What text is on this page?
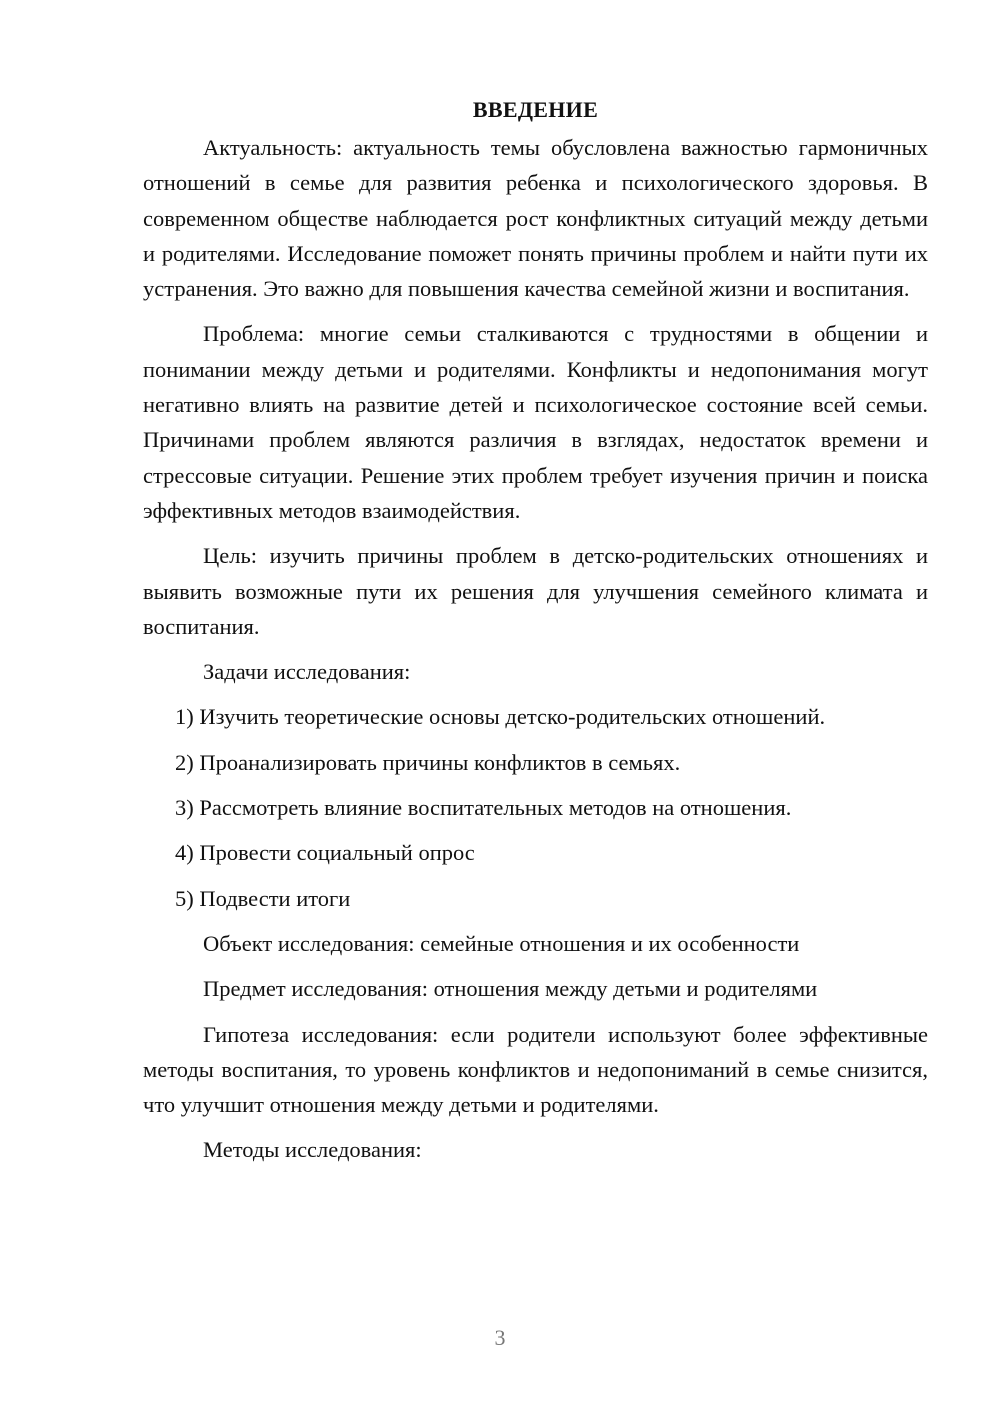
ВВЕДЕНИЕ

Актуальность: актуальность темы обусловлена важностью гармоничных отношений в семье для развития ребенка и психологического здоровья. В современном обществе наблюдается рост конфликтных ситуаций между детьми и родителями. Исследование поможет понять причины проблем и найти пути их устранения. Это важно для повышения качества семейной жизни и воспитания.

Проблема: многие семьи сталкиваются с трудностями в общении и понимании между детьми и родителями. Конфликты и недопонимания могут негативно влиять на развитие детей и психологическое состояние всей семьи. Причинами проблем являются различия в взглядах, недостаток времени и стрессовые ситуации. Решение этих проблем требует изучения причин и поиска эффективных методов взаимодействия.

Цель: изучить причины проблем в детско-родительских отношениях и выявить возможные пути их решения для улучшения семейного климата и воспитания.

Задачи исследования:

1) Изучить теоретические основы детско-родительских отношений.
2) Проанализировать причины конфликтов в семьях.
3) Рассмотреть влияние воспитательных методов на отношения.
4) Провести социальный опрос
5) Подвести итоги

Объект исследования: семейные отношения и их особенности

Предмет исследования: отношения между детьми и родителями

Гипотеза исследования: если родители используют более эффективные методы воспитания, то уровень конфликтов и недопониманий в семье снизится, что улучшит отношения между детьми и родителями.

Методы исследования:

3
